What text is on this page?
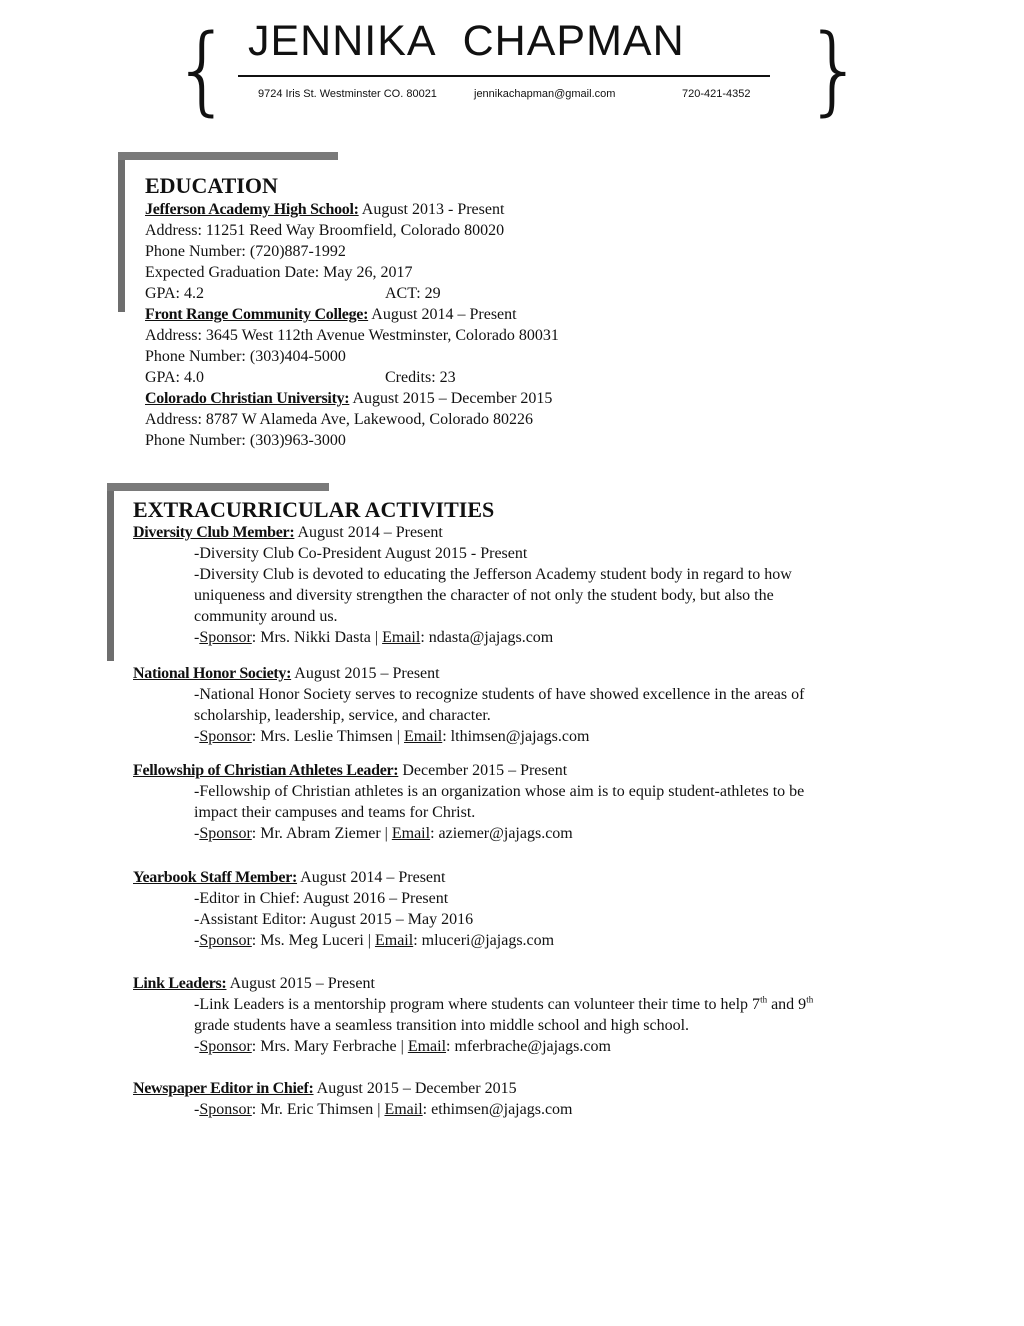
{	}
JENNIKA CHAPMAN
9724 Iris St. Westminster CO. 80021	jennikachapman@gmail.com	720-421-4352
EDUCATION
Jefferson Academy High School: August 2013 - Present
Address: 11251 Reed Way Broomfield, Colorado 80020
Phone Number: (720)887-1992
Expected Graduation Date: May 26, 2017
GPA: 4.2	ACT: 29
Front Range Community College: August 2014 – Present
Address: 3645 West 112th Avenue Westminster, Colorado 80031
Phone Number: (303)404-5000
GPA: 4.0	Credits: 23
Colorado Christian University: August 2015 – December 2015
Address: 8787 W Alameda Ave, Lakewood, Colorado 80226
Phone Number: (303)963-3000
EXTRACURRICULAR ACTIVITIES
Diversity Club Member: August 2014 – Present
-Diversity Club Co-President August 2015 - Present
-Diversity Club is devoted to educating the Jefferson Academy student body in regard to how
uniqueness and diversity strengthen the character of not only the student body, but also the
community around us.
-Sponsor: Mrs. Nikki Dasta | Email: ndasta@jajags.com
National Honor Society: August 2015 – Present
-National Honor Society serves to recognize students of have showed excellence in the areas of
scholarship, leadership, service, and character.
-Sponsor: Mrs. Leslie Thimsen | Email: lthimsen@jajags.com
Fellowship of Christian Athletes Leader: December 2015 – Present
-Fellowship of Christian athletes is an organization whose aim is to equip student-athletes to be
impact their campuses and teams for Christ.
-Sponsor: Mr. Abram Ziemer | Email: aziemer@jajags.com
Yearbook Staff Member: August 2014 – Present
-Editor in Chief: August 2016 – Present
-Assistant Editor: August 2015 – May 2016
-Sponsor: Ms. Meg Luceri | Email: mluceri@jajags.com
Link Leaders: August 2015 – Present
-Link Leaders is a mentorship program where students can volunteer their time to help 7th and 9th
grade students have a seamless transition into middle school and high school.
-Sponsor: Mrs. Mary Ferbrache | Email: mferbrache@jajags.com
Newspaper Editor in Chief: August 2015 – December 2015
-Sponsor: Mr. Eric Thimsen | Email: ethimsen@jajags.com
